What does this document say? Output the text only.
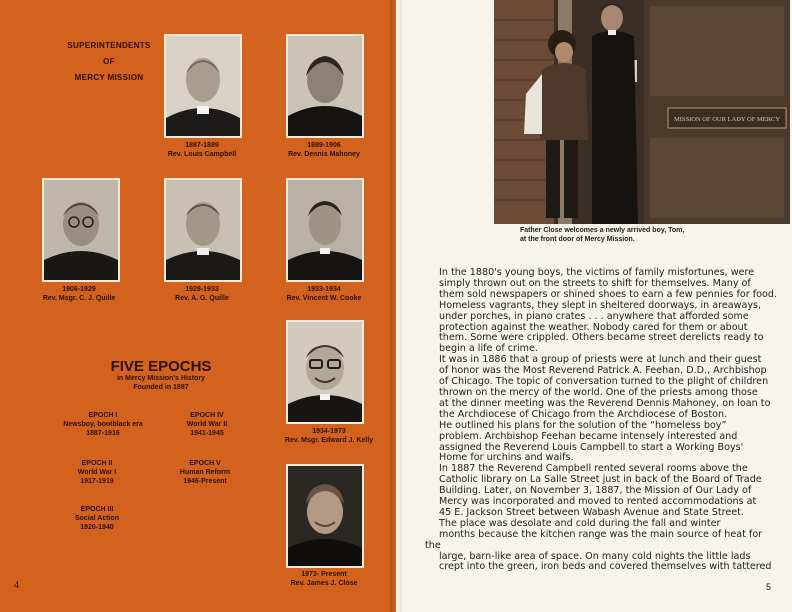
SUPERINTENDENTS
OF
MERCY MISSION
1887-1889
Rev. Louis Campbell
1889-1906
Rev. Dennis Mahoney
1906-1929
Rev. Msgr. C. J. Quille
1929-1933
Rev. A. G. Quille
1933-1934
Rev. Vincent W. Cooke
1934-1973
Rev. Msgr. Edward J. Kelly
1973- Present
Rev. James J. Close
FIVE EPOCHS
in Mercy Mission's History
Founded in 1887
EPOCH I
Newsboy, bootblack era
1887-1916
EPOCH IV
World War II
1941-1945
EPOCH II
World War I
1917-1919
EPOCH V
Human Reform
1946-Present
EPOCH III
Social Action
1920-1940
4
MISSION OF OUR LADY OF MERCY
Father Close welcomes a newly arrived boy, Tom,
at the front door of Mercy Mission.

In the 1880's young boys, the victims of family misfortunes, were
simply thrown out on the streets to shift for themselves. Many of
them sold newspapers or shined shoes to earn a few pennies for food.
Homeless vagrants, they slept in sheltered doorways, in areaways,
under porches, in piano crates . . . anywhere that afforded some
protection against the weather. Nobody cared for them or about
them. Some were crippled. Others became street derelicts ready to
begin a life of crime.

It was in 1886 that a group of priests were at lunch and their guest
of honor was the Most Reverend Patrick A. Feehan, D.D., Archbishop
of Chicago. The topic of conversation turned to the plight of children
thrown on the mercy of the world. One of the priests among those
at the dinner meeting was the Reverend Dennis Mahoney, on loan to
the Archdiocese of Chicago from the Archdiocese of Boston.

He outlined his plans for the solution of the “homeless boy”
problem. Archbishop Feehan became intensely interested and
assigned the Reverend Louis Campbell to start a Working Boys'
Home for urchins and waifs.

In 1887 the Reverend Campbell rented several rooms above the
Catholic library on La Salle Street just in back of the Board of Trade
Building. Later, on November 3, 1887, the Mission of Our Lady of
Mercy was incorporated and moved to rented accommodations at
45 E. Jackson Street between Wabash Avenue and State Street.

The place was desolate and cold during the fall and winter
months because the kitchen range was the main source of heat for the
large, barn-like area of space. On many cold nights the little lads
crept into the green, iron beds and covered themselves with tattered

5
